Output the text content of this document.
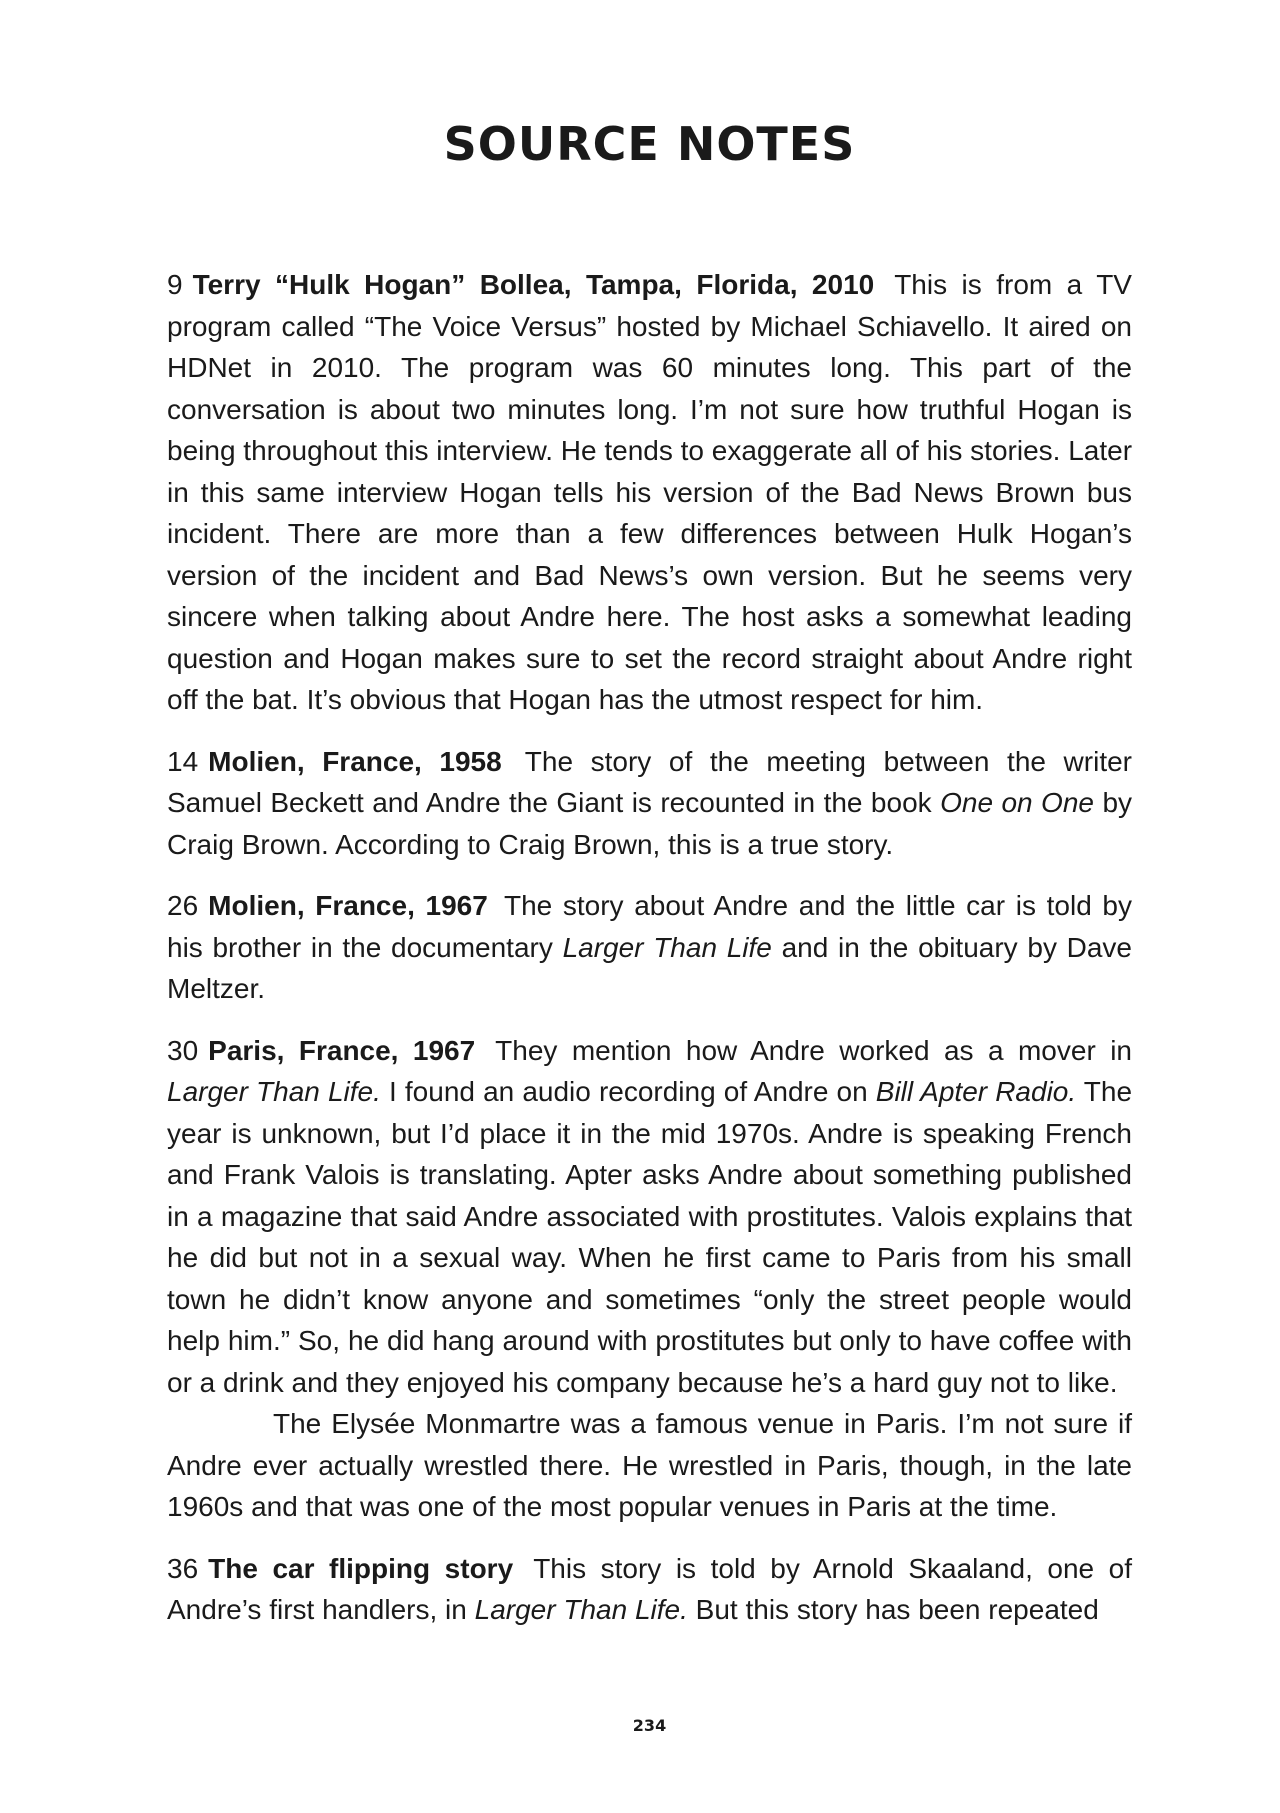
SOURCE NOTES

9 Terry “Hulk Hogan” Bollea, Tampa, Florida, 2010 This is from a TV program called “The Voice Versus” hosted by Michael Schiavello. It aired on HDNet in 2010. The program was 60 minutes long. This part of the conversation is about two minutes long. I’m not sure how truthful Hogan is being throughout this interview. He tends to exaggerate all of his stories. Later in this same interview Hogan tells his version of the Bad News Brown bus incident. There are more than a few differences between Hulk Hogan’s version of the incident and Bad News’s own version. But he seems very sincere when talking about Andre here. The host asks a somewhat leading question and Hogan makes sure to set the record straight about Andre right off the bat. It’s obvious that Hogan has the utmost respect for him.

14 Molien, France, 1958 The story of the meeting between the writer Samuel Beckett and Andre the Giant is recounted in the book One on One by Craig Brown. According to Craig Brown, this is a true story.

26 Molien, France, 1967 The story about Andre and the little car is told by his brother in the documentary Larger Than Life and in the obituary by Dave Meltzer.

30 Paris, France, 1967 They mention how Andre worked as a mover in Larger Than Life. I found an audio recording of Andre on Bill Apter Radio. The year is unknown, but I’d place it in the mid 1970s. Andre is speaking French and Frank Valois is translating. Apter asks Andre about something published in a magazine that said Andre associated with prostitutes. Valois explains that he did but not in a sexual way. When he first came to Paris from his small town he didn’t know anyone and sometimes “only the street people would help him.” So, he did hang around with prostitutes but only to have coffee with or a drink and they enjoyed his company because he’s a hard guy not to like.

The Elysée Monmartre was a famous venue in Paris. I’m not sure if Andre ever actually wrestled there. He wrestled in Paris, though, in the late 1960s and that was one of the most popular venues in Paris at the time.

36 The car flipping story This story is told by Arnold Skaaland, one of Andre’s first handlers, in Larger Than Life. But this story has been repeated

234
